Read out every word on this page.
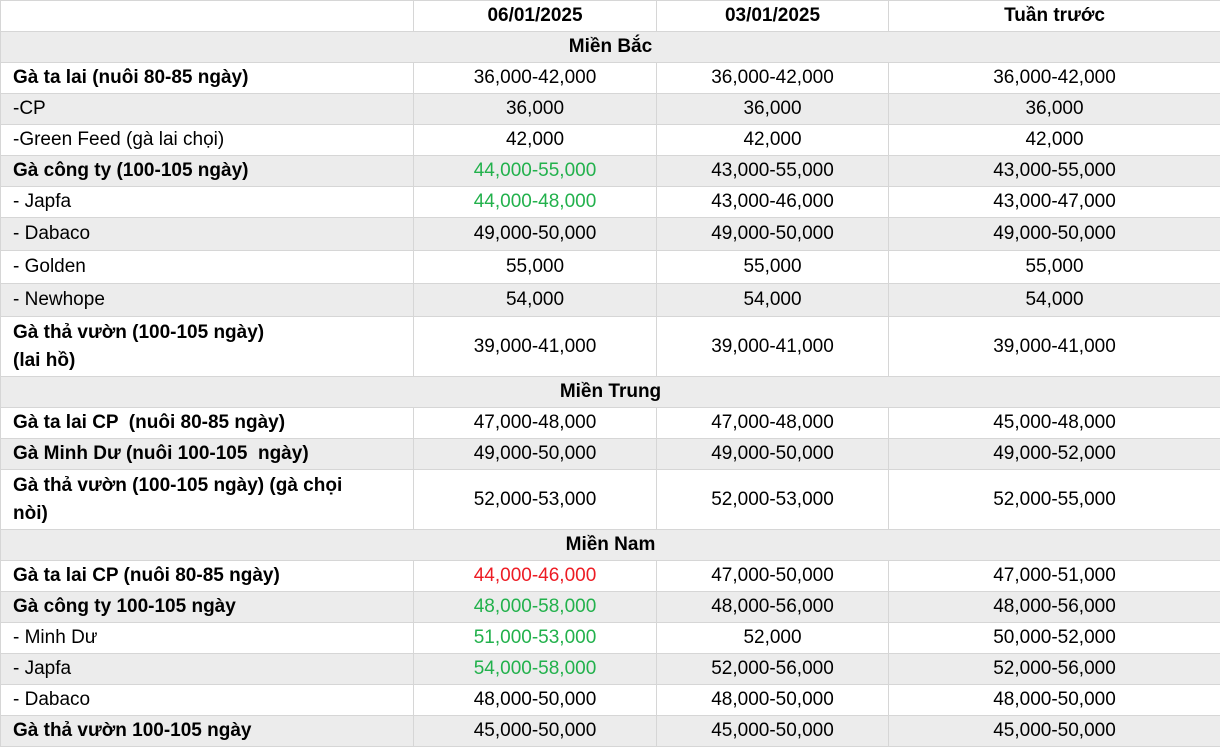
	06/01/2025	03/01/2025	Tuần trước
Miền Bắc			
Gà ta lai (nuôi 80-85 ngày)	36,000-42,000	36,000-42,000	36,000-42,000
-CP	36,000	36,000	36,000
-Green Feed (gà lai chọi)	42,000	42,000	42,000
Gà công ty (100-105 ngày)	44,000-55,000	43,000-55,000	43,000-55,000
- Japfa	44,000-48,000	43,000-46,000	43,000-47,000
- Dabaco	49,000-50,000	49,000-50,000	49,000-50,000
- Golden	55,000	55,000	55,000
- Newhope	54,000	54,000	54,000
Gà thả vườn (100-105 ngày)
(lai hồ)	39,000-41,000	39,000-41,000	39,000-41,000
Miền Trung			
Gà ta lai CP  (nuôi 80-85 ngày)	47,000-48,000	47,000-48,000	45,000-48,000
Gà Minh Dư (nuôi 100-105  ngày)	49,000-50,000	49,000-50,000	49,000-52,000
Gà thả vườn (100-105 ngày) (gà chọi
nòi)	52,000-53,000	52,000-53,000	52,000-55,000
Miền Nam			
Gà ta lai CP (nuôi 80-85 ngày)	44,000-46,000	47,000-50,000	47,000-51,000
Gà công ty 100-105 ngày	48,000-58,000	48,000-56,000	48,000-56,000
- Minh Dư	51,000-53,000	52,000	50,000-52,000
- Japfa	54,000-58,000	52,000-56,000	52,000-56,000
- Dabaco	48,000-50,000	48,000-50,000	48,000-50,000
Gà thả vườn 100-105 ngày	45,000-50,000	45,000-50,000	45,000-50,000
